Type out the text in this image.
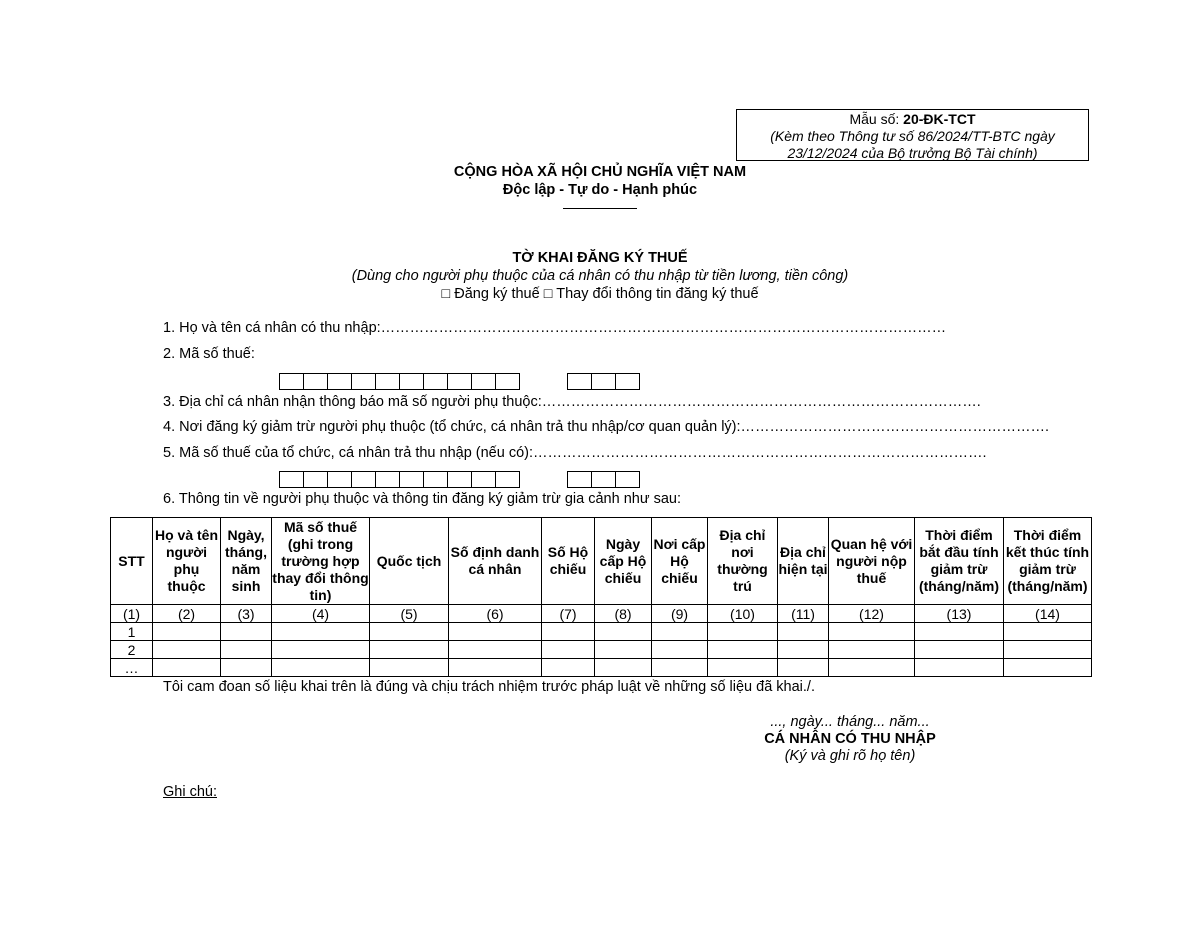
Mẫu số: 20-ĐK-TCT
(Kèm theo Thông tư số 86/2024/TT-BTC ngày
23/12/2024 của Bộ trưởng Bộ Tài chính)
CỘNG HÒA XÃ HỘI CHỦ NGHĨA VIỆT NAM
Độc lập - Tự do - Hạnh phúc
TỜ KHAI ĐĂNG KÝ THUẾ
(Dùng cho người phụ thuộc của cá nhân có thu nhập từ tiền lương, tiền công)
□ Đăng ký thuế □ Thay đổi thông tin đăng ký thuế
1. Họ và tên cá nhân có thu nhập:………………………………………………………………………………………………………
2. Mã số thuế:
3. Địa chỉ cá nhân nhận thông báo mã số người phụ thuộc:……………………………………………………………………………….
4. Nơi đăng ký giảm trừ người phụ thuộc (tổ chức, cá nhân trả thu nhập/cơ quan quản lý):……………………………………………………….
5. Mã số thuế của tổ chức, cá nhân trả thu nhập (nếu có):………………………………………………………………………………….
6. Thông tin về người phụ thuộc và thông tin đăng ký giảm trừ gia cảnh như sau:
STT	Họ và tên người phụ thuộc	Ngày, tháng, năm sinh	Mã số thuế (ghi trong trường hợp thay đổi thông tin)	Quốc tịch	Số định danh cá nhân	Số Hộ chiếu	Ngày cấp Hộ chiếu	Nơi cấp Hộ chiếu	Địa chỉ nơi thường trú	Địa chỉ hiện tại	Quan hệ với người nộp thuế	Thời điểm bắt đầu tính giảm trừ (tháng/năm)	Thời điểm kết thúc tính giảm trừ (tháng/năm)
(1)	(2)	(3)	(4)	(5)	(6)	(7)	(8)	(9)	(10)	(11)	(12)	(13)	(14)
1													
2													
…													
Tôi cam đoan số liệu khai trên là đúng và chịu trách nhiệm trước pháp luật về những số liệu đã khai./.
..., ngày... tháng... năm...
CÁ NHÂN CÓ THU NHẬP
(Ký và ghi rõ họ tên)
Ghi chú:
